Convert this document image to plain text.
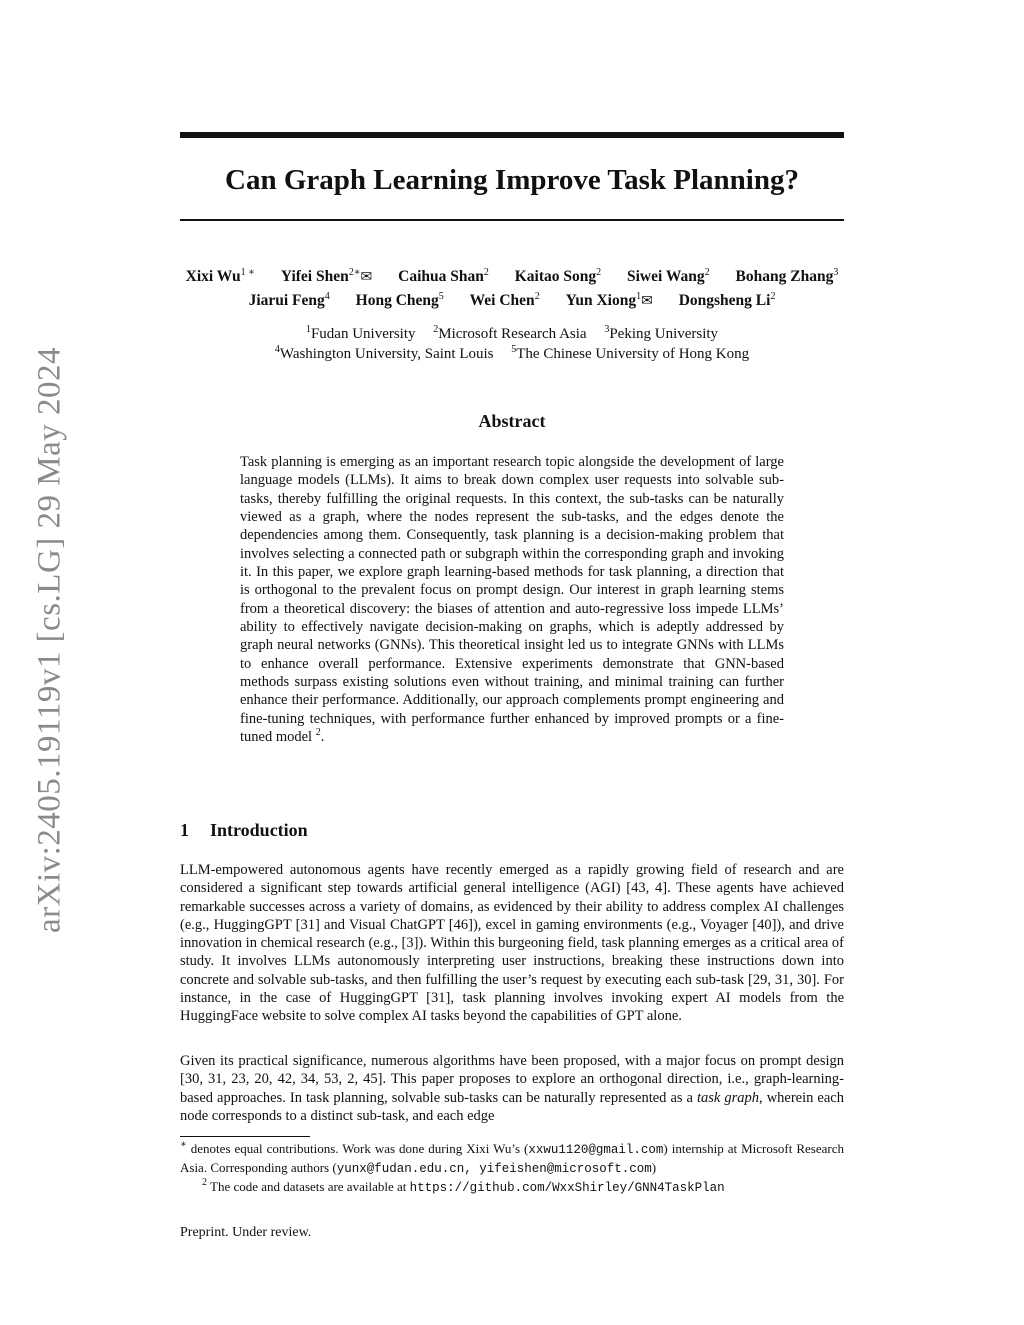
arXiv:2405.19119v1 [cs.LG] 29 May 2024
Can Graph Learning Improve Task Planning?
Xixi $Wu^{1 ∗}$ Yifei Shen$^{2∗}$✉ Caihua Shan$^2$ Kaitao Song$^2$ Siwei Wang$^2$ Bohang Zhang$^3$
Jiarui Feng$^4$ Hong Cheng$^5$ Wei Chen$^2$ Yun Xiong$^1$✉ Dongsheng Li$^2$
$^1$Fudan University $^2$Microsoft Research Asia $^3$Peking University
$^4$Washington University, Saint Louis $^5$The Chinese University of Hong Kong
Abstract

Task planning is emerging as an important research topic alongside the development of large language models (LLMs). It aims to break down complex user requests into solvable sub-tasks, thereby fulfilling the original requests. In this context, the sub-tasks can be naturally viewed as a graph, where the nodes represent the sub-tasks, and the edges denote the dependencies among them. Consequently, task planning is a decision-making problem that involves selecting a connected path or subgraph within the corresponding graph and invoking it. In this paper, we explore graph learning-based methods for task planning, a direction that is orthogonal to the prevalent focus on prompt design. Our interest in graph learning stems from a theoretical discovery: the biases of attention and auto-regressive loss impede LLMs’ ability to effectively navigate decision-making on graphs, which is adeptly addressed by graph neural networks (GNNs). This theoretical insight led us to integrate GNNs with LLMs to enhance overall performance. Extensive experiments demonstrate that GNN-based methods surpass existing solutions even without training, and minimal training can further enhance their performance. Additionally, our approach complements prompt engineering and fine-tuning techniques, with performance further enhanced by improved prompts or a fine-tuned model $^2$.

1 Introduction

LLM-empowered autonomous agents have recently emerged as a rapidly growing field of research and are considered a significant step towards artificial general intelligence (AGI) [43, 4]. These agents have achieved remarkable successes across a variety of domains, as evidenced by their ability to address complex AI challenges (e.g., HuggingGPT [31] and Visual ChatGPT [46]), excel in gaming environments (e.g., Voyager [40]), and drive innovation in chemical research (e.g., [3]). Within this burgeoning field, task planning emerges as a critical area of study. It involves LLMs autonomously interpreting user instructions, breaking these instructions down into concrete and solvable sub-tasks, and then fulfilling the user’s request by executing each sub-task [29, 31, 30]. For instance, in the case of HuggingGPT [31], task planning involves invoking expert AI models from the HuggingFace website to solve complex AI tasks beyond the capabilities of GPT alone.

Given its practical significance, numerous algorithms have been proposed, with a major focus on prompt design [30, 31, 23, 20, 42, 34, 53, 2, 45]. This paper proposes to explore an orthogonal direction, i.e., graph-learning-based approaches. In task planning, solvable sub-tasks can be naturally represented as a task graph, wherein each node corresponds to a distinct sub-task, and each edge

∗ denotes equal contributions. Work was done during Xixi Wu’s (xxwu1120@gmail.com) internship at Microsoft Research Asia. Corresponding authors (yunx@fudan.edu.cn, yifeishen@microsoft.com)

$^2$ The code and datasets are available at https://github.com/WxxShirley/GNN4TaskPlan

Preprint. Under review.
